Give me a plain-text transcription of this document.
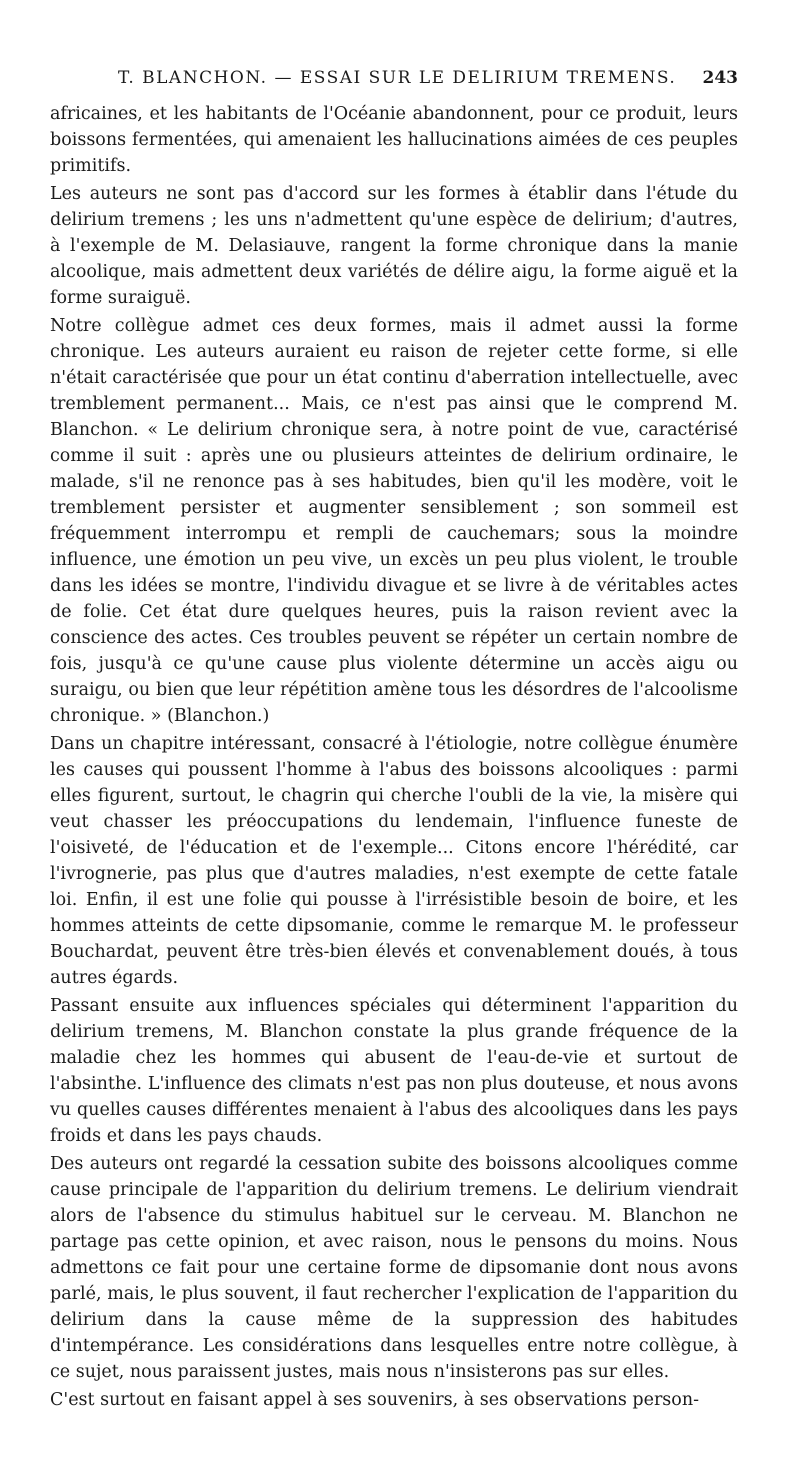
T. BLANCHON. — ESSAI SUR LE DELIRIUM TREMENS. 243

africaines, et les habitants de l'Océanie abandonnent, pour ce produit, leurs boissons fermentées, qui amenaient les hallucinations aimées de ces peuples primitifs.

Les auteurs ne sont pas d'accord sur les formes à établir dans l'étude du delirium tremens ; les uns n'admettent qu'une espèce de delirium; d'autres, à l'exemple de M. Delasiauve, rangent la forme chronique dans la manie alcoolique, mais admettent deux variétés de délire aigu, la forme aiguë et la forme suraiguë.

Notre collègue admet ces deux formes, mais il admet aussi la forme chronique. Les auteurs auraient eu raison de rejeter cette forme, si elle n'était caractérisée que pour un état continu d'aberration intellectuelle, avec tremblement permanent... Mais, ce n'est pas ainsi que le comprend M. Blanchon. « Le delirium chronique sera, à notre point de vue, caractérisé comme il suit : après une ou plusieurs atteintes de delirium ordinaire, le malade, s'il ne renonce pas à ses habitudes, bien qu'il les modère, voit le tremblement persister et augmenter sensiblement ; son sommeil est fréquemment interrompu et rempli de cauchemars; sous la moindre influence, une émotion un peu vive, un excès un peu plus violent, le trouble dans les idées se montre, l'individu divague et se livre à de véritables actes de folie. Cet état dure quelques heures, puis la raison revient avec la conscience des actes. Ces troubles peuvent se répéter un certain nombre de fois, jusqu'à ce qu'une cause plus violente détermine un accès aigu ou suraigu, ou bien que leur répétition amène tous les désordres de l'alcoolisme chronique. » (Blanchon.)

Dans un chapitre intéressant, consacré à l'étiologie, notre collègue énumère les causes qui poussent l'homme à l'abus des boissons alcooliques : parmi elles figurent, surtout, le chagrin qui cherche l'oubli de la vie, la misère qui veut chasser les préoccupations du lendemain, l'influence funeste de l'oisiveté, de l'éducation et de l'exemple... Citons encore l'hérédité, car l'ivrognerie, pas plus que d'autres maladies, n'est exempte de cette fatale loi. Enfin, il est une folie qui pousse à l'irrésistible besoin de boire, et les hommes atteints de cette dipsomanie, comme le remarque M. le professeur Bouchardat, peuvent être très-bien élevés et convenablement doués, à tous autres égards.

Passant ensuite aux influences spéciales qui déterminent l'apparition du delirium tremens, M. Blanchon constate la plus grande fréquence de la maladie chez les hommes qui abusent de l'eau-de-vie et surtout de l'absinthe. L'influence des climats n'est pas non plus douteuse, et nous avons vu quelles causes différentes menaient à l'abus des alcooliques dans les pays froids et dans les pays chauds.

Des auteurs ont regardé la cessation subite des boissons alcooliques comme cause principale de l'apparition du delirium tremens. Le delirium viendrait alors de l'absence du stimulus habituel sur le cerveau. M. Blanchon ne partage pas cette opinion, et avec raison, nous le pensons du moins. Nous admettons ce fait pour une certaine forme de dipsomanie dont nous avons parlé, mais, le plus souvent, il faut rechercher l'explication de l'apparition du delirium dans la cause même de la suppression des habitudes d'intempérance. Les considérations dans lesquelles entre notre collègue, à ce sujet, nous paraissent justes, mais nous n'insisterons pas sur elles.

C'est surtout en faisant appel à ses souvenirs, à ses observations person-
